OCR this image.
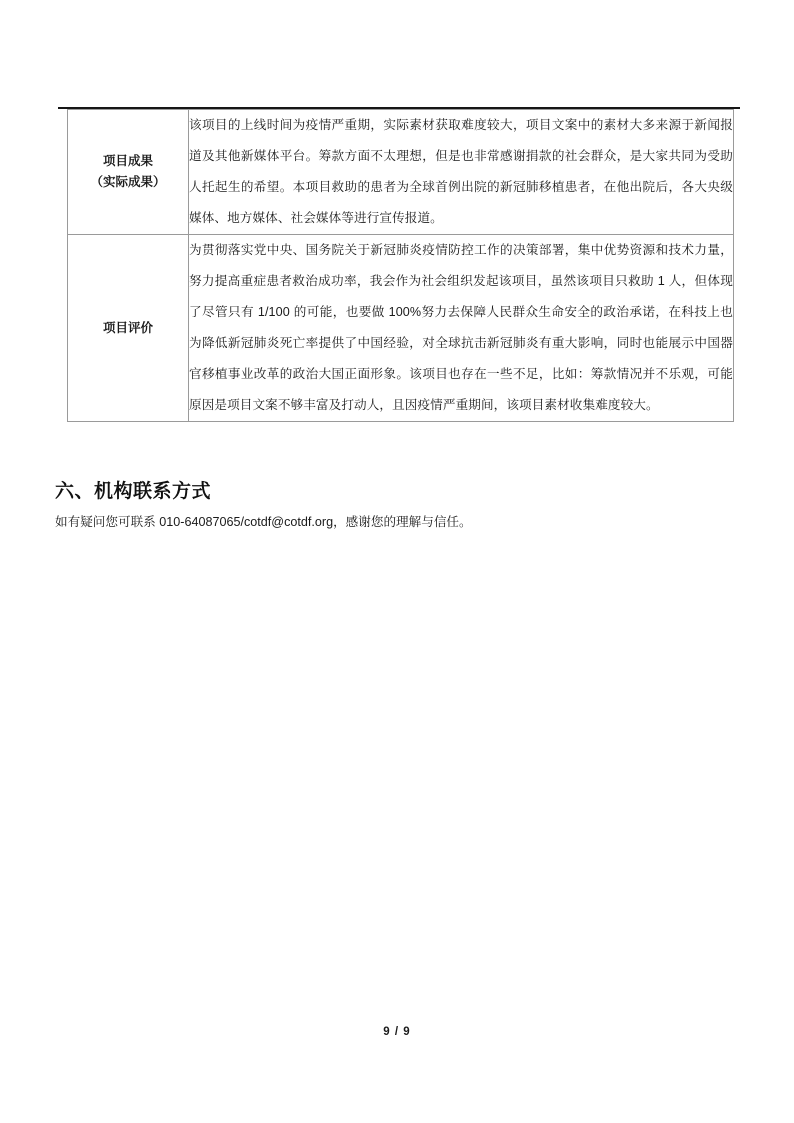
项目成果
（实际成果）	该项目的上线时间为疫情严重期，实际素材获取难度较大，项目文案中的素材大多来源于新闻报道及其他新媒体平台。筹款方面不太理想，但是也非常感谢捐款的社会群众，是大家共同为受助人托起生的希望。本项目救助的患者为全球首例出院的新冠肺移植患者，在他出院后，各大央级媒体、地方媒体、社会媒体等进行宣传报道。

项目评价	为贯彻落实党中央、国务院关于新冠肺炎疫情防控工作的决策部署，集中优势资源和技术力量，努力提高重症患者救治成功率，我会作为社会组织发起该项目，虽然该项目只救助 1 人，但体现了尽管只有 1/100 的可能，也要做 100%努力去保障人民群众生命安全的政治承诺，在科技上也为降低新冠肺炎死亡率提供了中国经验，对全球抗击新冠肺炎有重大影响，同时也能展示中国器官移植事业改革的政治大国正面形象。该项目也存在一些不足，比如：筹款情况并不乐观，可能原因是项目文案不够丰富及打动人，且因疫情严重期间，该项目素材收集难度较大。

六、机构联系方式
如有疑问您可联系 010-64087065/cotdf@cotdf.org，感谢您的理解与信任。
9 / 9
